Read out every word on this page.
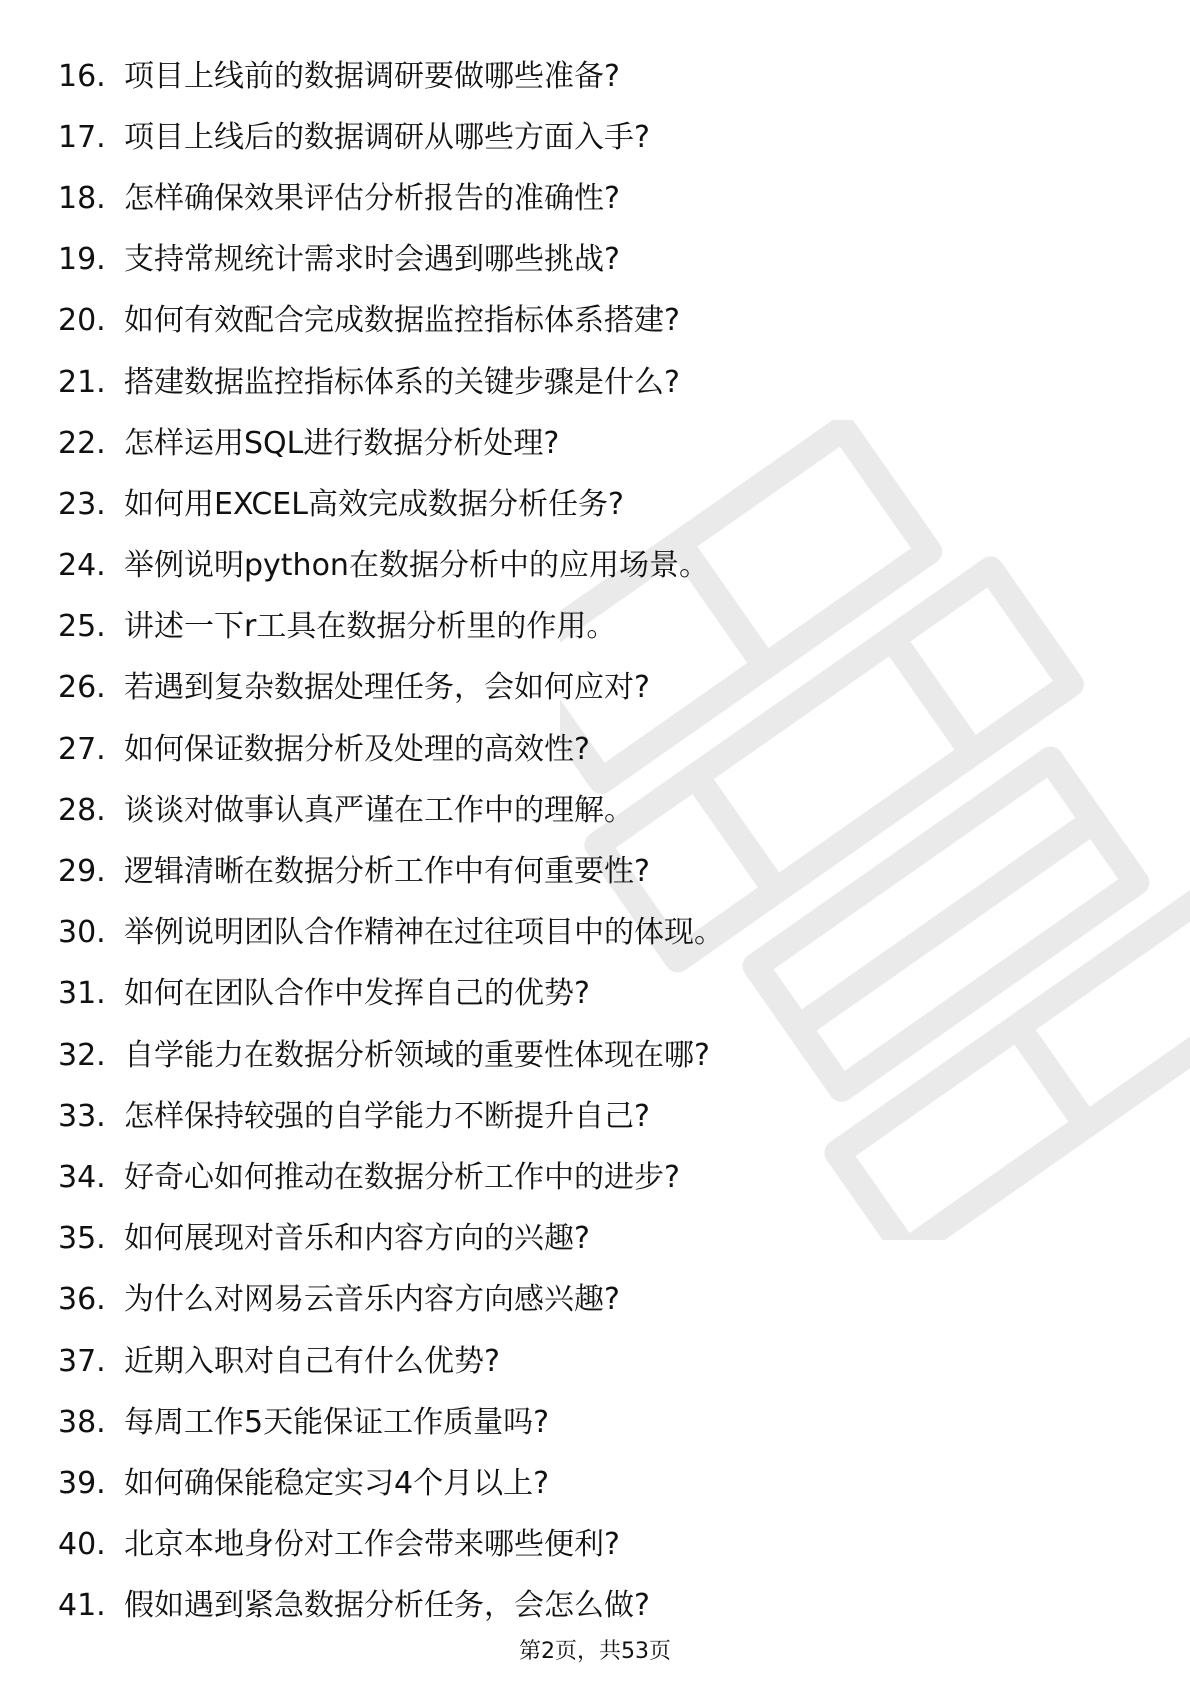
16. 项目上线前的数据调研要做哪些准备?
17. 项目上线后的数据调研从哪些方面入手?
18. 怎样确保效果评估分析报告的准确性?
19. 支持常规统计需求时会遇到哪些挑战?
20. 如何有效配合完成数据监控指标体系搭建?
21. 搭建数据监控指标体系的关键步骤是什么?
22. 怎样运用SQL进行数据分析处理?
23. 如何用EXCEL高效完成数据分析任务?
24. 举例说明python在数据分析中的应用场景。
25. 讲述一下r工具在数据分析里的作用。
26. 若遇到复杂数据处理任务，会如何应对?
27. 如何保证数据分析及处理的高效性?
28. 谈谈对做事认真严谨在工作中的理解。
29. 逻辑清晰在数据分析工作中有何重要性?
30. 举例说明团队合作精神在过往项目中的体现。
31. 如何在团队合作中发挥自己的优势?
32. 自学能力在数据分析领域的重要性体现在哪?
33. 怎样保持较强的自学能力不断提升自己?
34. 好奇心如何推动在数据分析工作中的进步?
35. 如何展现对音乐和内容方向的兴趣?
36. 为什么对网易云音乐内容方向感兴趣?
37. 近期入职对自己有什么优势?
38. 每周工作5天能保证工作质量吗?
39. 如何确保能稳定实习4个月以上?
40. 北京本地身份对工作会带来哪些便利?
41. 假如遇到紧急数据分析任务，会怎么做?
第2页，共53页
